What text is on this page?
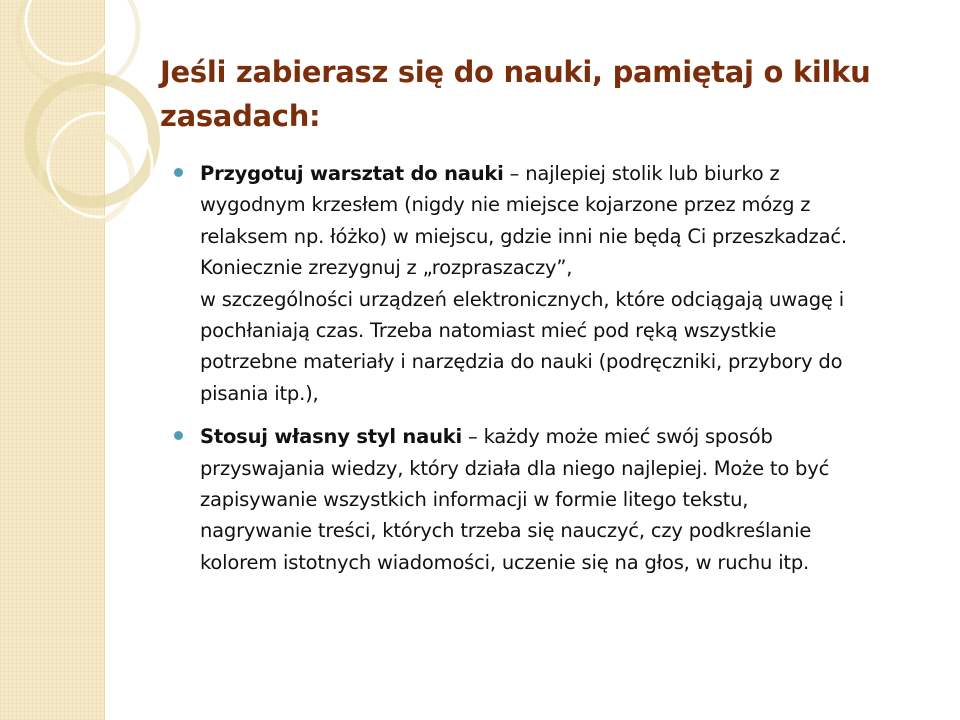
Jeśli zabierasz się do nauki, pamiętaj o kilku zasadach:
Przygotuj warsztat do nauki – najlepiej stolik lub biurko z
wygodnym krzesłem (nigdy nie miejsce kojarzone przez mózg z
relaksem np. łóżko) w miejscu, gdzie inni nie będą Ci przeszkadzać.
Koniecznie zrezygnuj z „rozpraszaczy”,
w szczególności urządzeń elektronicznych, które odciągają uwagę i
pochłaniają czas. Trzeba natomiast mieć pod ręką wszystkie
potrzebne materiały i narzędzia do nauki (podręczniki, przybory do
pisania itp.),
Stosuj własny styl nauki – każdy może mieć swój sposób
przyswajania wiedzy, który działa dla niego najlepiej. Może to być
zapisywanie wszystkich informacji w formie litego tekstu,
nagrywanie treści, których trzeba się nauczyć, czy podkreślanie
kolorem istotnych wiadomości, uczenie się na głos, w ruchu itp.
